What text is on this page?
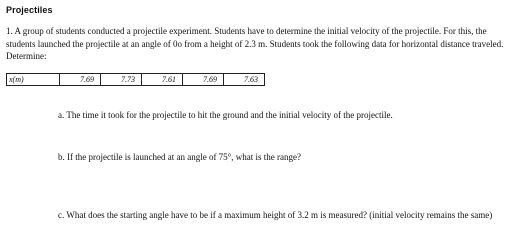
Projectiles
1. A group of students conducted a projectile experiment. Students have to determine the initial velocity of the projectile. For this, the students launched the projectile at an angle of 0o from a height of 2.3 m. Students took the following data for horizontal distance traveled. Determine:
x(m)	7.69	7.73	7.61	7.69	7.63
a. The time it took for the projectile to hit the ground and the initial velocity of the projectile.
b. If the projectile is launched at an angle of 75°, what is the range?
c. What does the starting angle have to be if a maximum height of 3.2 m is measured? (initial velocity remains the same)
